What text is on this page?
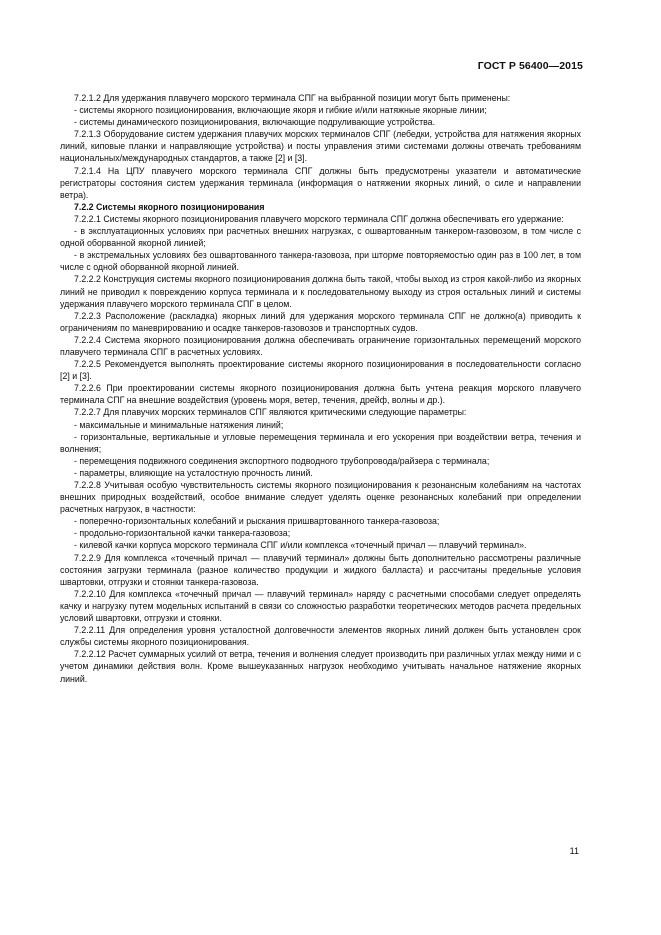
ГОСТ Р 56400—2015

7.2.1.2 Для удержания плавучего морского терминала СПГ на выбранной позиции могут быть применены:

- системы якорного позиционирования, включающие якоря и гибкие и/или натяжные якорные линии;

- системы динамического позиционирования, включающие подруливающие устройства.

7.2.1.3 Оборудование систем удержания плавучих морских терминалов СПГ (лебедки, устройства для натяжения якорных линий, киповые планки и направляющие устройства) и посты управления этими системами должны отвечать требованиям национальных/международных стандартов, а также [2] и [3].

7.2.1.4 На ЦПУ плавучего морского терминала СПГ должны быть предусмотрены указатели и автоматические регистраторы состояния систем удержания терминала (информация о натяжении якорных линий, о силе и направлении ветра).

7.2.2 Системы якорного позиционирования

7.2.2.1 Системы якорного позиционирования плавучего морского терминала СПГ должна обеспечивать его удержание:

- в эксплуатационных условиях при расчетных внешних нагрузках, с ошвартованным танкером-газовозом, в том числе с одной оборванной якорной линией;

- в экстремальных условиях без ошвартованного танкера-газовоза, при шторме повторяемостью один раз в 100 лет, в том числе с одной оборванной якорной линией.

7.2.2.2 Конструкция системы якорного позиционирования должна быть такой, чтобы выход из строя какой-либо из якорных линий не приводил к повреждению корпуса терминала и к последовательному выходу из строя остальных линий и системы удержания плавучего морского терминала СПГ в целом.

7.2.2.3 Расположение (раскладка) якорных линий для удержания морского терминала СПГ не должно(а) приводить к ограничениям по маневрированию и осадке танкеров-газовозов и транспортных судов.

7.2.2.4 Система якорного позиционирования должна обеспечивать ограничение горизонтальных перемещений морского плавучего терминала СПГ в расчетных условиях.

7.2.2.5 Рекомендуется выполнять проектирование системы якорного позиционирования в последовательности согласно [2] и [3].

7.2.2.6 При проектировании системы якорного позиционирования должна быть учтена реакция морского плавучего терминала СПГ на внешние воздействия (уровень моря, ветер, течения, дрейф, волны и др.).

7.2.2.7 Для плавучих морских терминалов СПГ являются критическими следующие параметры:

- максимальные и минимальные натяжения линий;

- горизонтальные, вертикальные и угловые перемещения терминала и его ускорения при воздействии ветра, течения и волнения;

- перемещения подвижного соединения экспортного подводного трубопровода/райзера с терминала;

- параметры, влияющие на усталостную прочность линий.

7.2.2.8 Учитывая особую чувствительность системы якорного позиционирования к резонансным колебаниям на частотах внешних природных воздействий, особое внимание следует уделять оценке резонансных колебаний при определении расчетных нагрузок, в частности:

- поперечно-горизонтальных колебаний и рыскания пришвартованного танкера-газовоза;

- продольно-горизонтальной качки танкера-газовоза;

- килевой качки корпуса морского терминала СПГ и/или комплекса «точечный причал — плавучий терминал».

7.2.2.9 Для комплекса «точечный причал — плавучий терминал» должны быть дополнительно рассмотрены различные состояния загрузки терминала (разное количество продукции и жидкого балласта) и рассчитаны предельные условия швартовки, отгрузки и стоянки танкера-газовоза.

7.2.2.10 Для комплекса «точечный причал — плавучий терминал» наряду с расчетными способами следует определять качку и нагрузку путем модельных испытаний в связи со сложностью разработки теоретических методов расчета предельных условий швартовки, отгрузки и стоянки.

7.2.2.11 Для определения уровня усталостной долговечности элементов якорных линий должен быть установлен срок службы системы якорного позиционирования.

7.2.2.12 Расчет суммарных усилий от ветра, течения и волнения следует производить при различных углах между ними и с учетом динамики действия волн. Кроме вышеуказанных нагрузок необходимо учитывать начальное натяжение якорных линий.

11
